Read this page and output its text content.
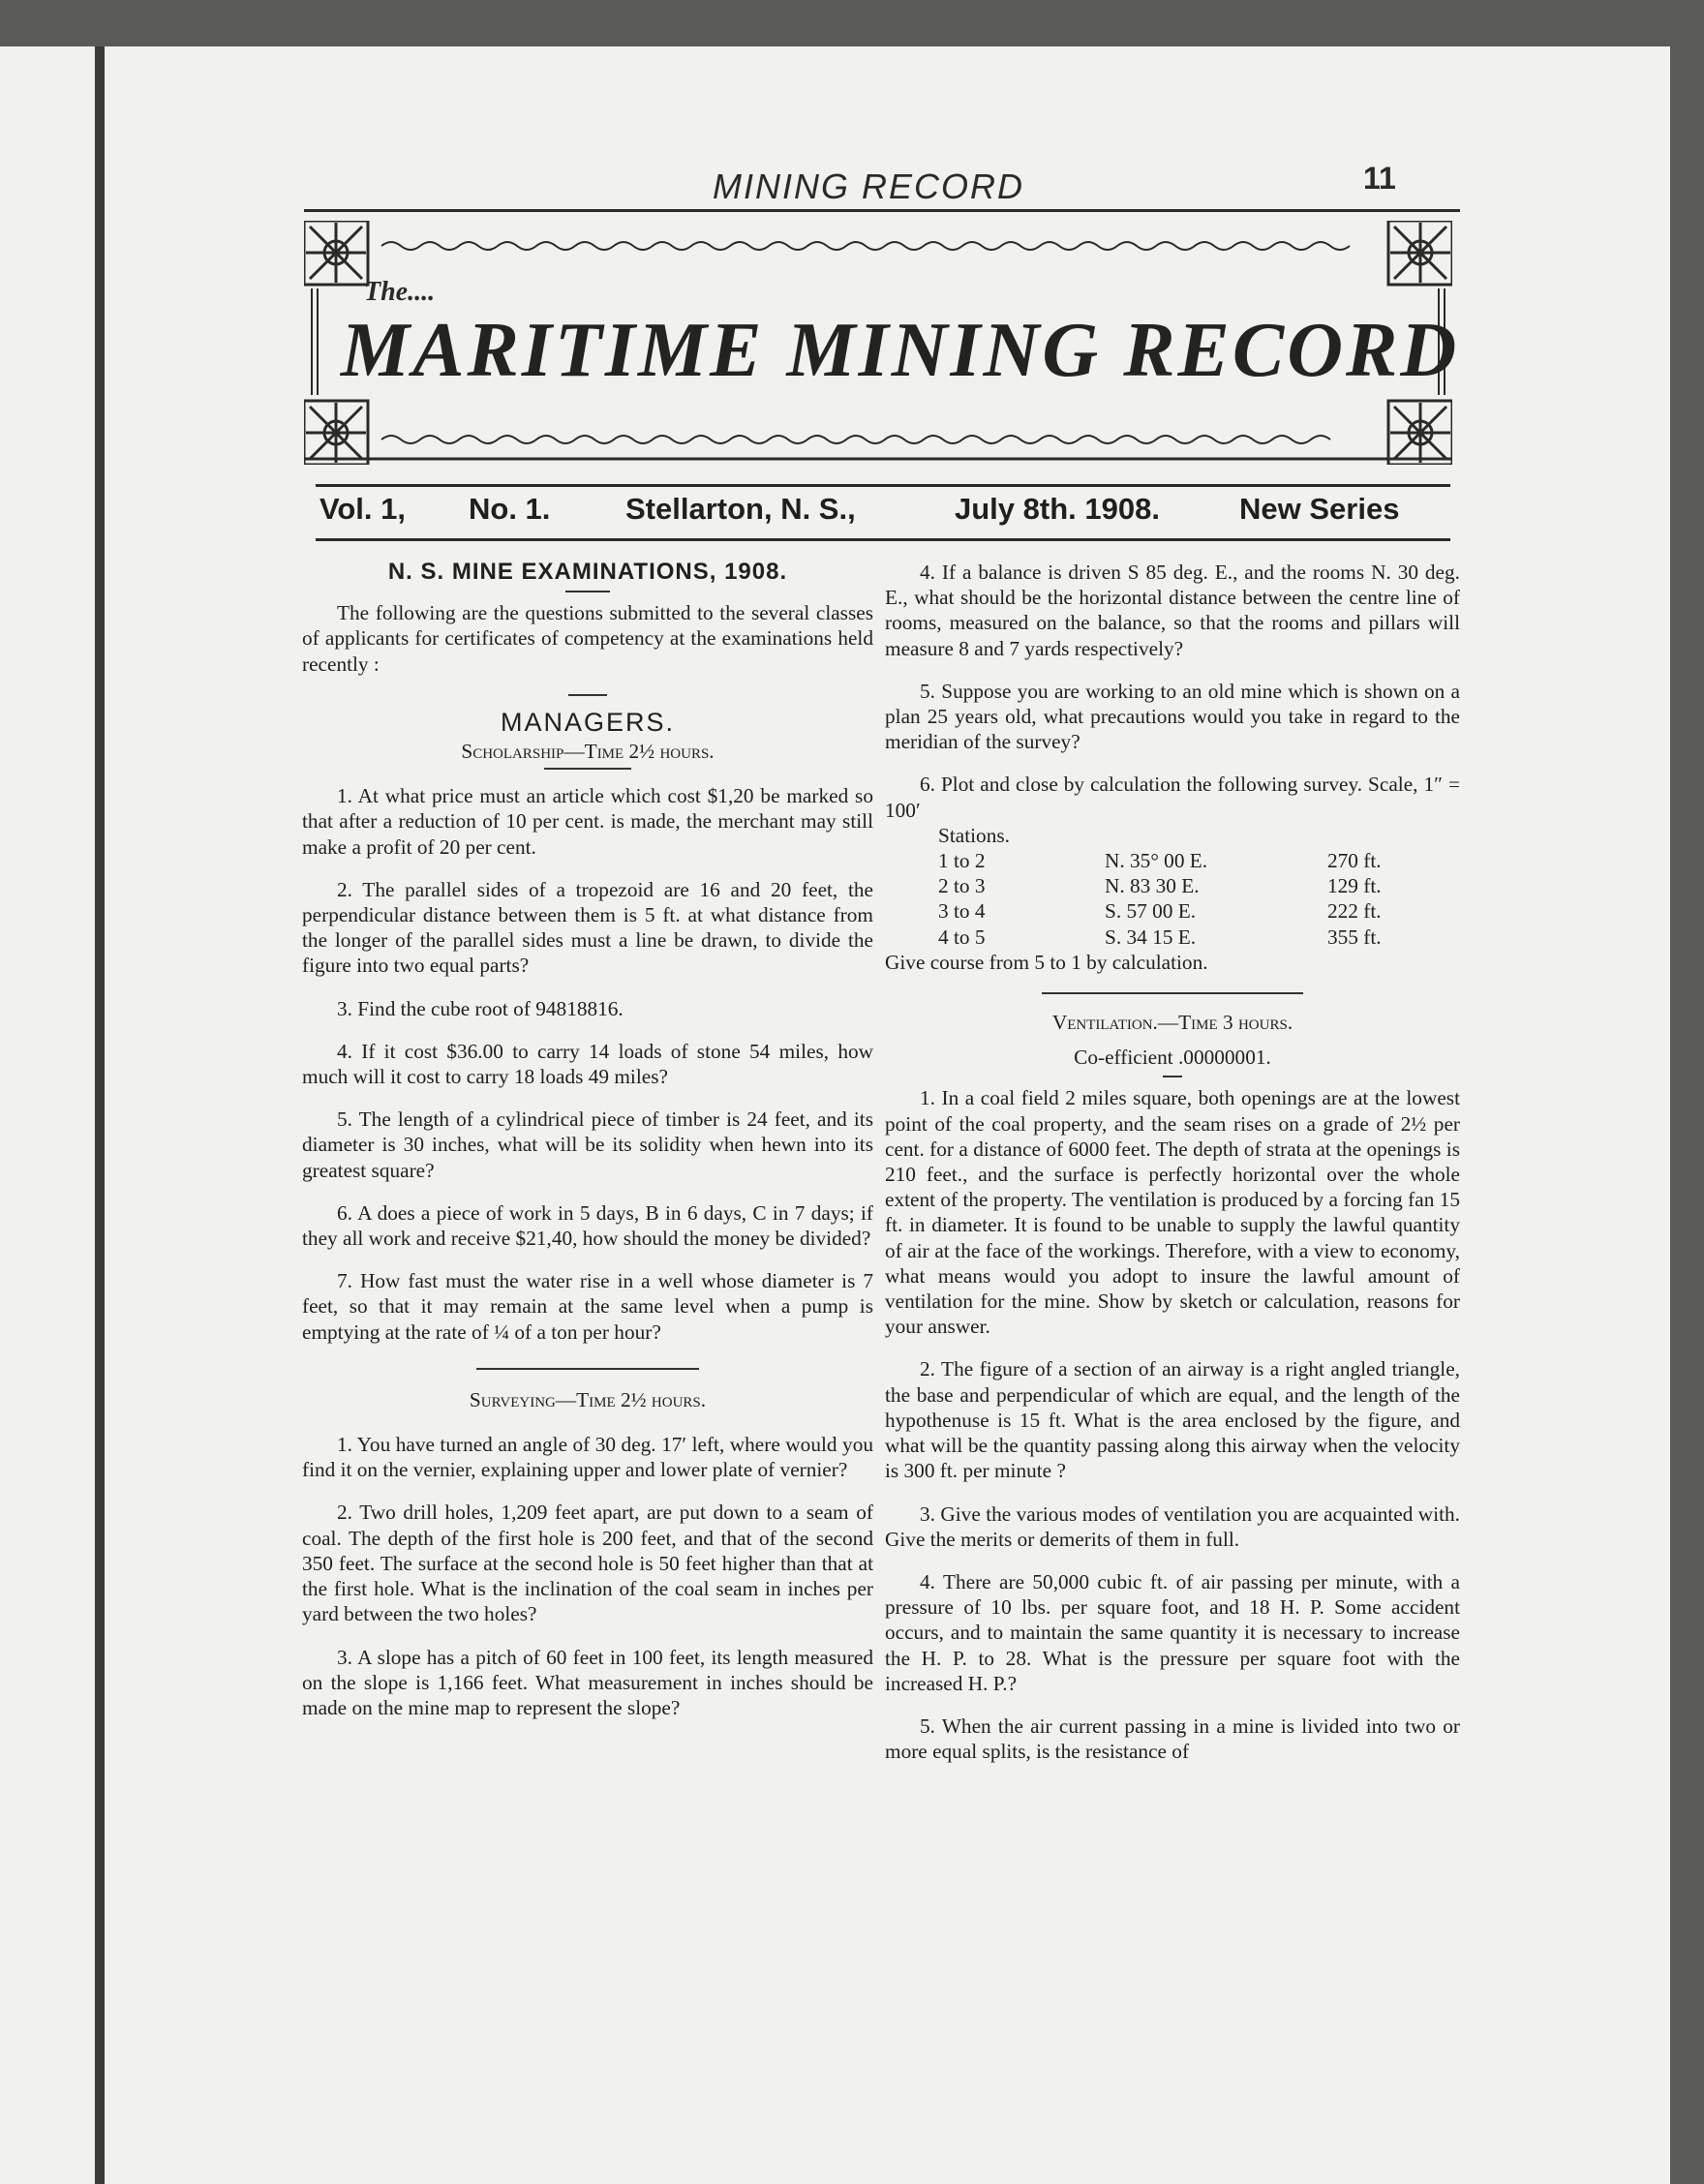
MINING RECORD	11
The....
MARITIME MINING RECORD
Vol. 1, No. 1.	Stellarton, N. S.,	July 8th. 1908.	New Series

N. S. MINE EXAMINATIONS, 1908.

The following are the questions submitted to the several classes of applicants for certificates of competency at the examinations held recently :

MANAGERS.

Scholarship—Time 2½ hours.

1. At what price must an article which cost $1,20 be marked so that after a reduction of 10 per cent. is made, the merchant may still make a profit of 20 per cent.

2. The parallel sides of a tropezoid are 16 and 20 feet, the perpendicular distance between them is 5 ft. at what distance from the longer of the parallel sides must a line be drawn, to divide the figure into two equal parts?

3. Find the cube root of 94818816.

4. If it cost $36.00 to carry 14 loads of stone 54 miles, how much will it cost to carry 18 loads 49 miles?

5. The length of a cylindrical piece of timber is 24 feet, and its diameter is 30 inches, what will be its solidity when hewn into its greatest square?

6. A does a piece of work in 5 days, B in 6 days, C in 7 days; if they all work and receive $21,40, how should the money be divided?

7. How fast must the water rise in a well whose diameter is 7 feet, so that it may remain at the same level when a pump is emptying at the rate of ¼ of a ton per hour?

Surveying—Time 2½ hours.

1. You have turned an angle of 30 deg. 17′ left, where would you find it on the vernier, explaining upper and lower plate of vernier?

2. Two drill holes, 1,209 feet apart, are put down to a seam of coal. The depth of the first hole is 200 feet, and that of the second 350 feet. The surface at the second hole is 50 feet higher than that at the first hole. What is the inclination of the coal seam in inches per yard between the two holes?

3. A slope has a pitch of 60 feet in 100 feet, its length measured on the slope is 1,166 feet. What measurement in inches should be made on the mine map to represent the slope?

4. If a balance is driven S 85 deg. E., and the rooms N. 30 deg. E., what should be the horizontal distance between the centre line of rooms, measured on the balance, so that the rooms and pillars will measure 8 and 7 yards respectively?

5. Suppose you are working to an old mine which is shown on a plan 25 years old, what precautions would you take in regard to the meridian of the survey?

6. Plot and close by calculation the following survey. Scale, 1″ = 100′

Stations.

1 to 2	N. 35° 00 E.	270 ft.
2 to 3	N. 83 30 E.	129 ft.
3 to 4	S. 57 00 E.	222 ft.
4 to 5	S. 34 15 E.	355 ft.

Give course from 5 to 1 by calculation.

Ventilation.—Time 3 hours.

Co-efficient .00000001.

1. In a coal field 2 miles square, both openings are at the lowest point of the coal property, and the seam rises on a grade of 2½ per cent. for a distance of 6000 feet. The depth of strata at the openings is 210 feet., and the surface is perfectly horizontal over the whole extent of the property. The ventilation is produced by a forcing fan 15 ft. in diameter. It is found to be unable to supply the lawful quantity of air at the face of the workings. Therefore, with a view to economy, what means would you adopt to insure the lawful amount of ventilation for the mine. Show by sketch or calculation, reasons for your answer.

2. The figure of a section of an airway is a right angled triangle, the base and perpendicular of which are equal, and the length of the hypothenuse is 15 ft. What is the area enclosed by the figure, and what will be the quantity passing along this airway when the velocity is 300 ft. per minute ?

3. Give the various modes of ventilation you are acquainted with. Give the merits or demerits of them in full.

4. There are 50,000 cubic ft. of air passing per minute, with a pressure of 10 lbs. per square foot, and 18 H. P. Some accident occurs, and to maintain the same quantity it is necessary to increase the H. P. to 28. What is the pressure per square foot with the increased H. P.?

5. When the air current passing in a mine is livided into two or more equal splits, is the resistance of
